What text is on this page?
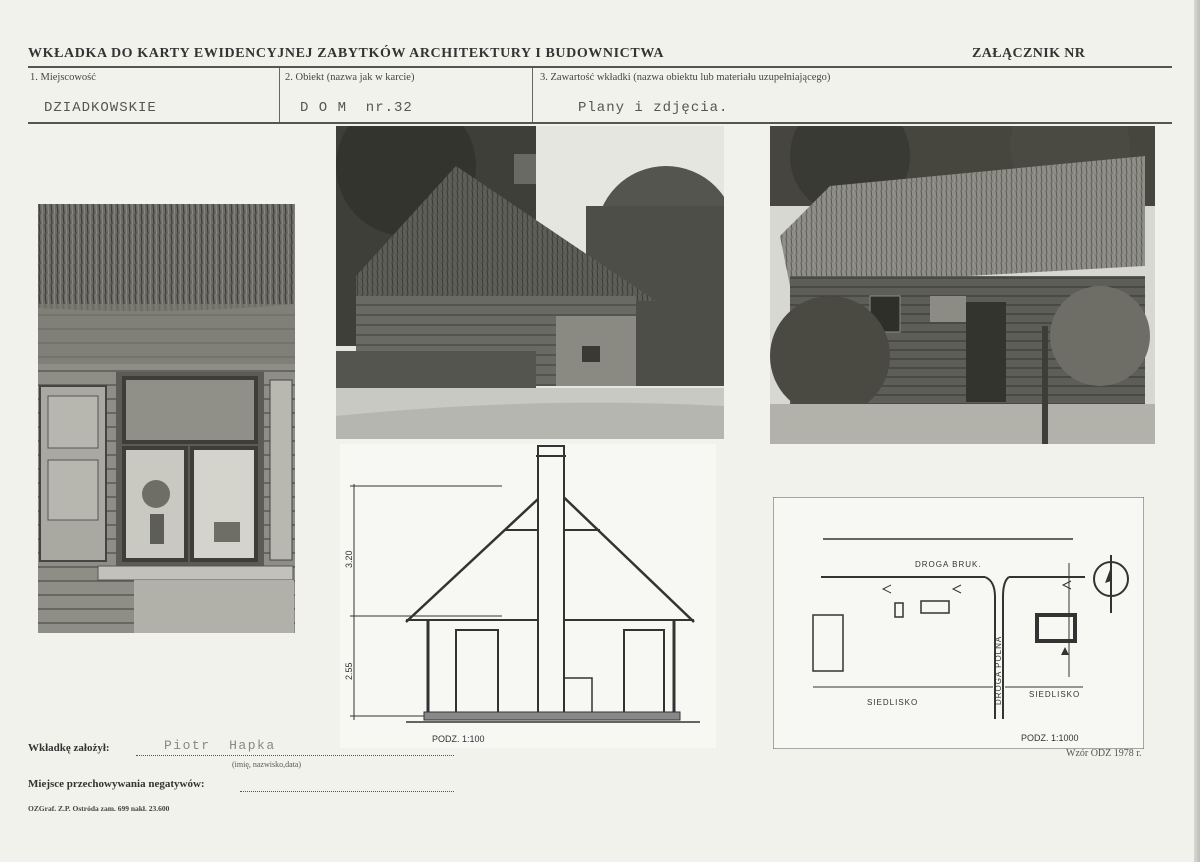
WKŁADKA DO KARTY EWIDENCYJNEJ ZABYTKÓW ARCHITEKTURY I BUDOWNICTWA	ZAŁĄCZNIK NR
1. Miejscowość	2. Obiekt (nazwa jak w karcie)	3. Zawartość wkładki (nazwa obiektu lub materiału uzupełniającego)
DZIADKOWSKIE	D O M  nr.32	Plany i zdjęcia.
3.20
2.55
PODZ. 1:100
DROGA BRUK.
DROGA POLNA
SIEDLISKO
SIEDLISKO
PODZ. 1:1000
Wkładkę założył:	Piotr  Hapka
(imię, nazwisko,data)
Miejsce przechowywania negatywów:
OZGraf. Z.P. Ostróda zam. 699 nakł. 23.600
Wzór ODZ 1978 r.
